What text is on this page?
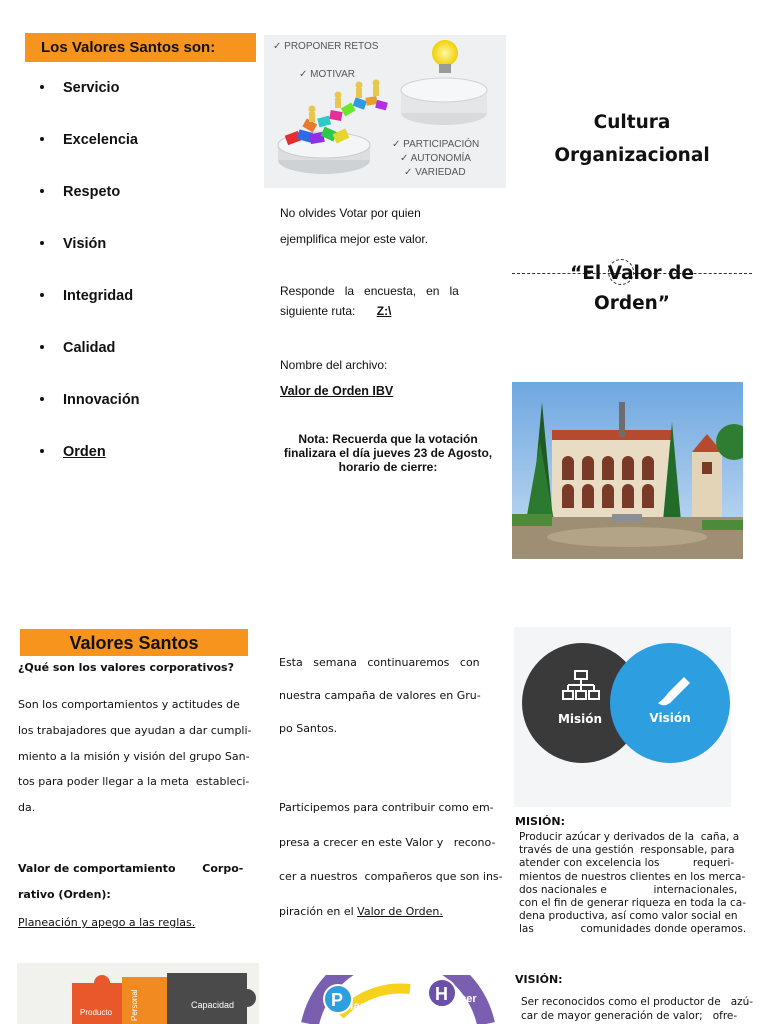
Los Valores Santos son:
Servicio
Excelencia
Respeto
Visión
Integridad
Calidad
Innovación
Orden
✓ PROPONER RETOS
✓ MOTIVAR
✓ PARTICIPACIÓN
✓ AUTONOMÍA
✓ VARIEDAD
No olvides Votar por quien
ejemplifica mejor este valor.
Responde   la   encuesta,   en   la
siguiente ruta: Z:\
Nombre del archivo:
Valor de Orden IBV
Nota: Recuerda que la votación
finalizara el día jueves 23 de Agosto,
horario de cierre:
Cultura
Organizacional
“El Valor de
Orden”
Valores Santos
¿Qué son los valores corporativos?
Son los comportamientos y actitudes de
los trabajadores que ayudan a dar cumpli-
miento a la misión y visión del grupo San-
tos para poder llegar a la meta  estableci-
da.
Valor de comportamiento       Corpo-
rativo (Orden):
Planeación y apego a las reglas.
Producto Personal	Capacidad
Esta   semana   continuaremos   con
nuestra campaña de valores en Gru-
po Santos.
Participemos para contribuir como em-
presa a crecer en este Valor y   recono-
cer a nuestros  compañeros que son ins-
piración en el Valor de Orden.
P lanificar
H acer
Misión	Visión
MISIÓN:
Producir azúcar y derivados de la  caña, a
través de una gestión  responsable, para
atender con excelencia los          requeri-
mientos de nuestros clientes en los merca-
dos nacionales e              internacionales,
con el fin de generar riqueza en toda la ca-
dena productiva, así como valor social en
las              comunidades donde operamos.
VISIÓN:
Ser reconocidos como el productor de   azú-
car de mayor generación de valor;   ofre-
